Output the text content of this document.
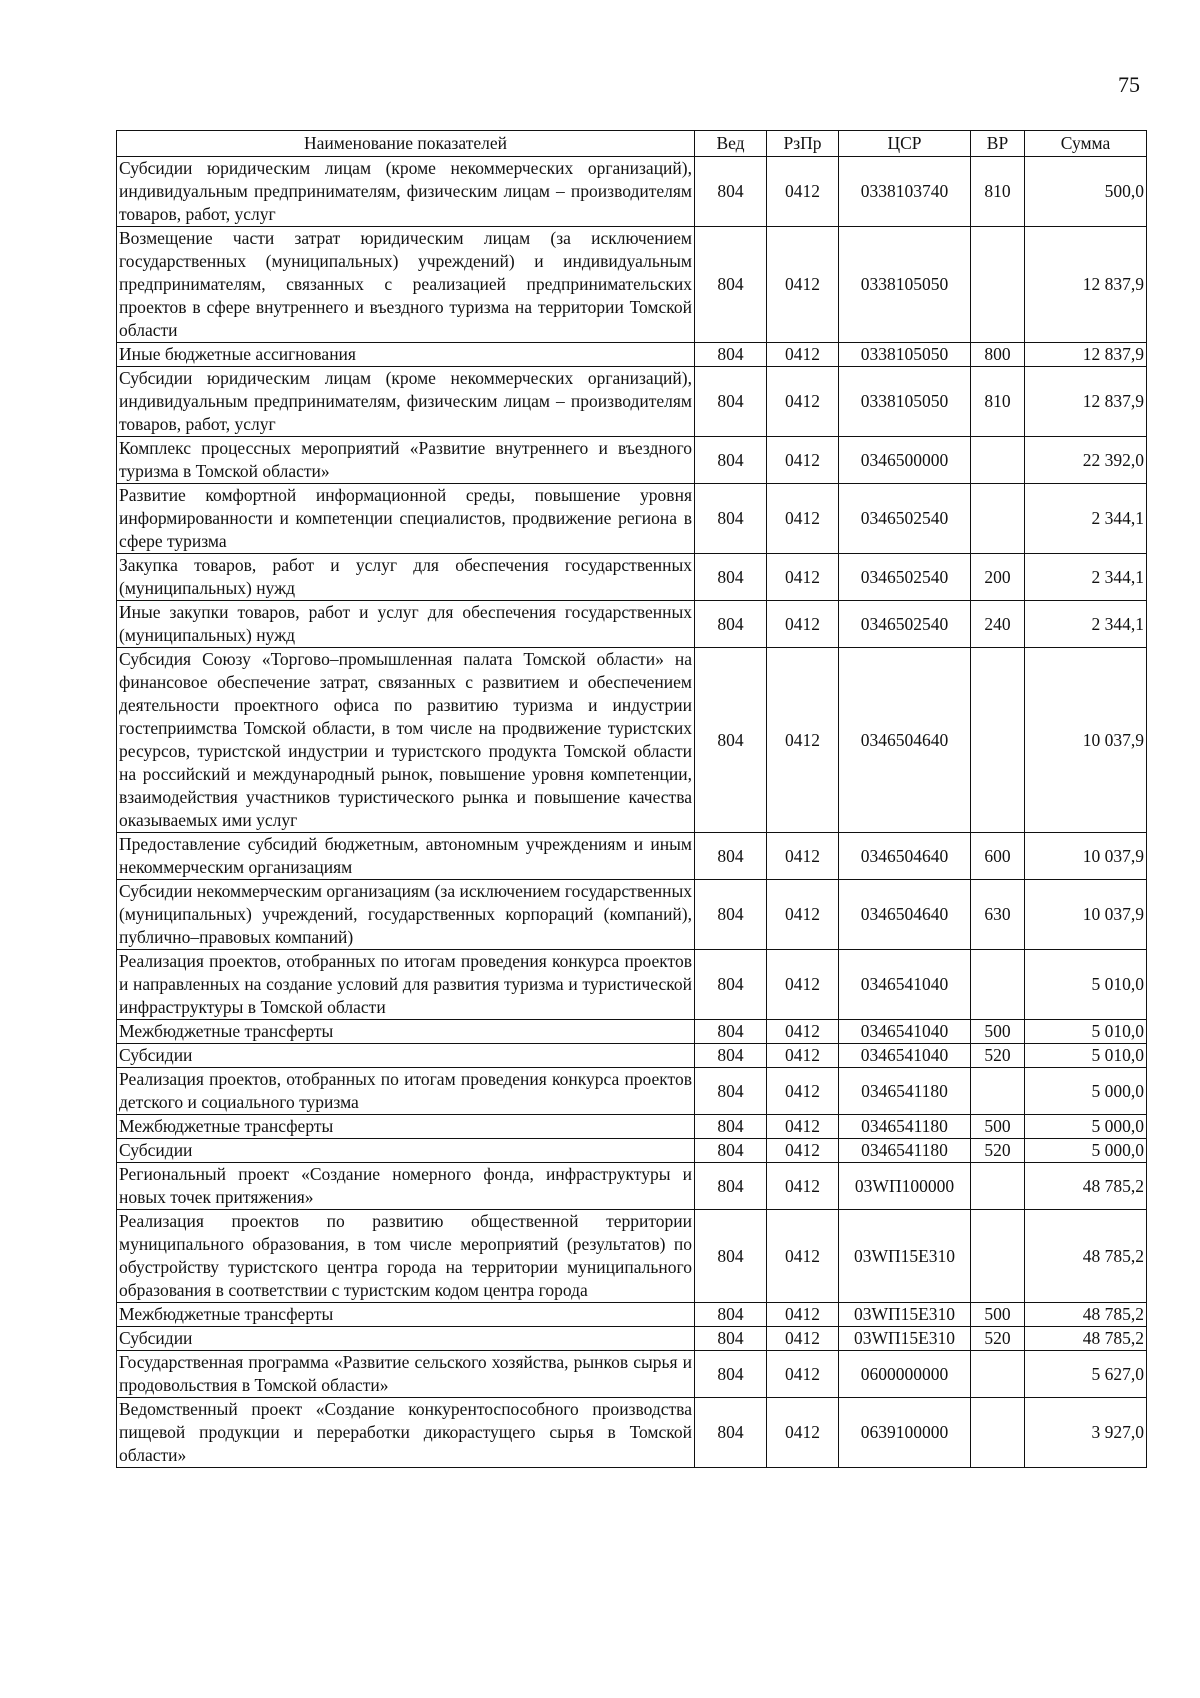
75
Наименование показателей	Вед	РзПр	ЦСР	ВР	Сумма
Субсидии юридическим лицам (кроме некоммерческих организаций), индивидуальным предпринимателям, физическим лицам – производителям товаров, работ, услуг	804	0412	0338103740	810	500,0
Возмещение части затрат юридическим лицам (за исключением государственных (муниципальных) учреждений) и индивидуальным предпринимателям, связанных с реализацией предпринимательских проектов в сфере внутреннего и въездного туризма на территории Томской области	804	0412	0338105050		12 837,9
Иные бюджетные ассигнования	804	0412	0338105050	800	12 837,9
Субсидии юридическим лицам (кроме некоммерческих организаций), индивидуальным предпринимателям, физическим лицам – производителям товаров, работ, услуг	804	0412	0338105050	810	12 837,9
Комплекс процессных мероприятий «Развитие внутреннего и въездного туризма в Томской области»	804	0412	0346500000		22 392,0
Развитие комфортной информационной среды, повышение уровня информированности и компетенции специалистов, продвижение региона в сфере туризма	804	0412	0346502540		2 344,1
Закупка товаров, работ и услуг для обеспечения государственных (муниципальных) нужд	804	0412	0346502540	200	2 344,1
Иные закупки товаров, работ и услуг для обеспечения государственных (муниципальных) нужд	804	0412	0346502540	240	2 344,1
Субсидия Союзу «Торгово–промышленная палата Томской области» на финансовое обеспечение затрат, связанных с развитием и обеспечением деятельности проектного офиса по развитию туризма и индустрии гостеприимства Томской области, в том числе на продвижение туристских ресурсов, туристской индустрии и туристского продукта Томской области на российский и международный рынок, повышение уровня компетенции, взаимодействия участников туристического рынка и повышение качества оказываемых ими услуг	804	0412	0346504640		10 037,9
Предоставление субсидий бюджетным, автономным учреждениям и иным некоммерческим организациям	804	0412	0346504640	600	10 037,9
Субсидии некоммерческим организациям (за исключением государственных (муниципальных) учреждений, государственных корпораций (компаний), публично–правовых компаний)	804	0412	0346504640	630	10 037,9
Реализация проектов, отобранных по итогам проведения конкурса проектов и направленных на создание условий для развития туризма и туристической инфраструктуры в Томской области	804	0412	0346541040		5 010,0
Межбюджетные трансферты	804	0412	0346541040	500	5 010,0
Субсидии	804	0412	0346541040	520	5 010,0
Реализация проектов, отобранных по итогам проведения конкурса проектов детского и социального туризма	804	0412	0346541180		5 000,0
Межбюджетные трансферты	804	0412	0346541180	500	5 000,0
Субсидии	804	0412	0346541180	520	5 000,0
Региональный проект «Создание номерного фонда, инфраструктуры и новых точек притяжения»	804	0412	03WП100000		48 785,2
Реализация проектов по развитию общественной территории муниципального образования, в том числе мероприятий (результатов) по обустройству туристского центра города на территории муниципального образования в соответствии с туристским кодом центра города	804	0412	03WП15Е310		48 785,2
Межбюджетные трансферты	804	0412	03WП15Е310	500	48 785,2
Субсидии	804	0412	03WП15Е310	520	48 785,2
Государственная программа «Развитие сельского хозяйства, рынков сырья и продовольствия в Томской области»	804	0412	0600000000		5 627,0
Ведомственный проект «Создание конкурентоспособного производства пищевой продукции и переработки дикорастущего сырья в Томской области»	804	0412	0639100000		3 927,0
